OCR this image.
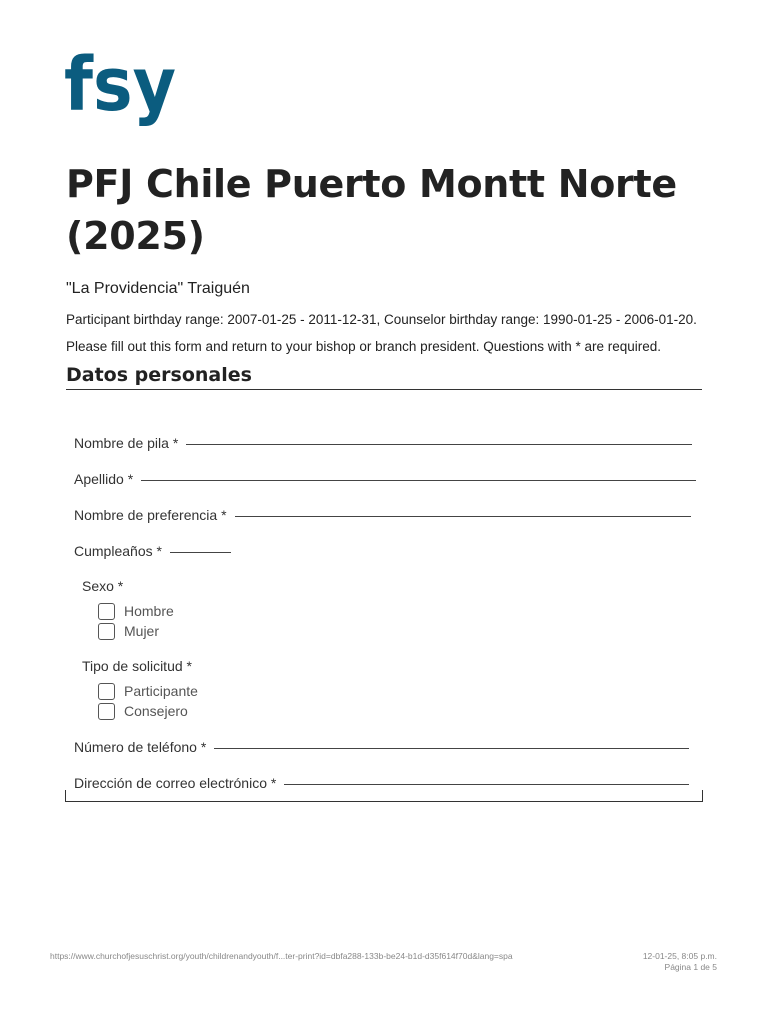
fsy
PFJ Chile Puerto Montt Norte (2025)

"La Providencia" Traiguén

Participant birthday range: 2007-01-25 - 2011-12-31, Counselor birthday range: 1990-01-25 - 2006-01-20.

Please fill out this form and return to your bishop or branch president. Questions with * are required.

Datos personales
Nombre de pila *
Apellido *
Nombre de preferencia *
Cumpleaños *
Sexo *
Hombre
Mujer
Tipo de solicitud *
Participante
Consejero
Número de teléfono *
Dirección de correo electrónico *
https://www.churchofjesuschrist.org/youth/childrenandyouth/f...ter-print?id=dbfa288-133b-be24-b1d-d35f614f70d&lang=spa	12-01-25, 8:05 p.m.
Página 1 de 5
